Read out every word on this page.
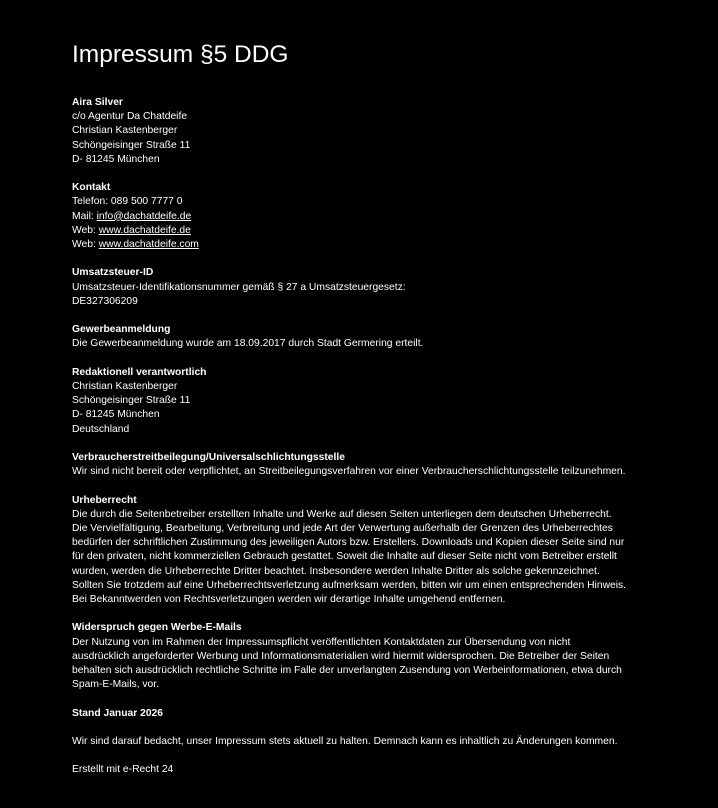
Impressum §5 DDG
Aira Silver
c/o Agentur Da Chatdeife
Christian Kastenberger
Schöngeisinger Straße 11
D- 81245 München
Kontakt
Telefon: 089 500 7777 0
Mail: info@dachatdeife.de
Web: www.dachatdeife.de
Web: www.dachatdeife.com
Umsatzsteuer-ID
Umsatzsteuer-Identifikationsnummer gemäß § 27 a Umsatzsteuergesetz:
DE327306209
Gewerbeanmeldung
Die Gewerbeanmeldung wurde am 18.09.2017 durch Stadt Germering erteilt.
Redaktionell verantwortlich
Christian Kastenberger
Schöngeisinger Straße 11
D- 81245 München
Deutschland
Verbraucherstreitbeilegung/Universalschlichtungsstelle
Wir sind nicht bereit oder verpflichtet, an Streitbeilegungsverfahren vor einer Verbraucherschlichtungsstelle teilzunehmen.
Urheberrecht
Die durch die Seitenbetreiber erstellten Inhalte und Werke auf diesen Seiten unterliegen dem deutschen Urheberrecht.
Die Vervielfältigung, Bearbeitung, Verbreitung und jede Art der Verwertung außerhalb der Grenzen des Urheberrechtes
bedürfen der schriftlichen Zustimmung des jeweiligen Autors bzw. Erstellers. Downloads und Kopien dieser Seite sind nur
für den privaten, nicht kommerziellen Gebrauch gestattet. Soweit die Inhalte auf dieser Seite nicht vom Betreiber erstellt
wurden, werden die Urheberrechte Dritter beachtet. Insbesondere werden Inhalte Dritter als solche gekennzeichnet.
Sollten Sie trotzdem auf eine Urheberrechtsverletzung aufmerksam werden, bitten wir um einen entsprechenden Hinweis.
Bei Bekanntwerden von Rechtsverletzungen werden wir derartige Inhalte umgehend entfernen.
Widerspruch gegen Werbe-E-Mails
Der Nutzung von im Rahmen der Impressumspflicht veröffentlichten Kontaktdaten zur Übersendung von nicht
ausdrücklich angeforderter Werbung und Informationsmaterialien wird hiermit widersprochen. Die Betreiber der Seiten
behalten sich ausdrücklich rechtliche Schritte im Falle der unverlangten Zusendung von Werbeinformationen, etwa durch
Spam-E-Mails, vor.
Stand Januar 2026
Wir sind darauf bedacht, unser Impressum stets aktuell zu halten. Demnach kann es inhaltlich zu Änderungen kommen.
Erstellt mit e-Recht 24
